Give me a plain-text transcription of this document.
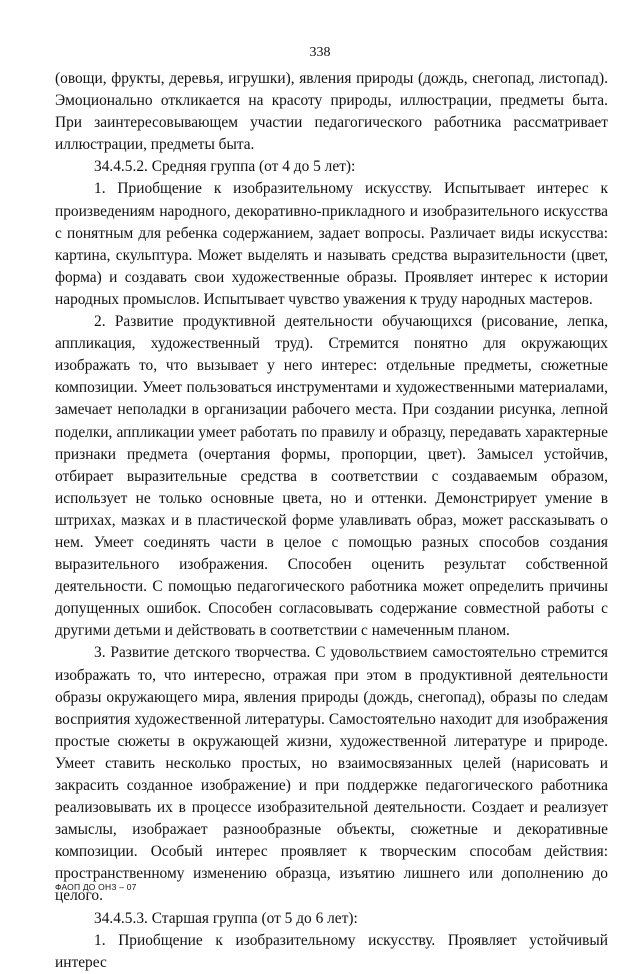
338

(овощи, фрукты, деревья, игрушки), явления природы (дождь, снегопад, листопад). Эмоционально откликается на красоту природы, иллюстрации, предметы быта. При заинтересовывающем участии педагогического работника рассматривает иллюстрации, предметы быта.

34.4.5.2. Средняя группа (от 4 до 5 лет):

1. Приобщение к изобразительному искусству. Испытывает интерес к произведениям народного, декоративно-прикладного и изобразительного искусства с понятным для ребенка содержанием, задает вопросы. Различает виды искусства: картина, скульптура. Может выделять и называть средства выразительности (цвет, форма) и создавать свои художественные образы. Проявляет интерес к истории народных промыслов. Испытывает чувство уважения к труду народных мастеров.

2. Развитие продуктивной деятельности обучающихся (рисование, лепка, аппликация, художественный труд). Стремится понятно для окружающих изображать то, что вызывает у него интерес: отдельные предметы, сюжетные композиции. Умеет пользоваться инструментами и художественными материалами, замечает неполадки в организации рабочего места. При создании рисунка, лепной поделки, аппликации умеет работать по правилу и образцу, передавать характерные признаки предмета (очертания формы, пропорции, цвет). Замысел устойчив, отбирает выразительные средства в соответствии с создаваемым образом, использует не только основные цвета, но и оттенки. Демонстрирует умение в штрихах, мазках и в пластической форме улавливать образ, может рассказывать о нем. Умеет соединять части в целое с помощью разных способов создания выразительного изображения. Способен оценить результат собственной деятельности. С помощью педагогического работника может определить причины допущенных ошибок. Способен согласовывать содержание совместной работы с другими детьми и действовать в соответствии с намеченным планом.

3. Развитие детского творчества. С удовольствием самостоятельно стремится изображать то, что интересно, отражая при этом в продуктивной деятельности образы окружающего мира, явления природы (дождь, снегопад), образы по следам восприятия художественной литературы. Самостоятельно находит для изображения простые сюжеты в окружающей жизни, художественной литературе и природе. Умеет ставить несколько простых, но взаимосвязанных целей (нарисовать и закрасить созданное изображение) и при поддержке педагогического работника реализовывать их в процессе изобразительной деятельности. Создает и реализует замыслы, изображает разнообразные объекты, сюжетные и декоративные композиции. Особый интерес проявляет к творческим способам действия: пространственному изменению образца, изъятию лишнего или дополнению до целого.

34.4.5.3. Старшая группа (от 5 до 6 лет):

1. Приобщение к изобразительному искусству. Проявляет устойчивый интерес

ФАОП ДО ОНЗ – 07
